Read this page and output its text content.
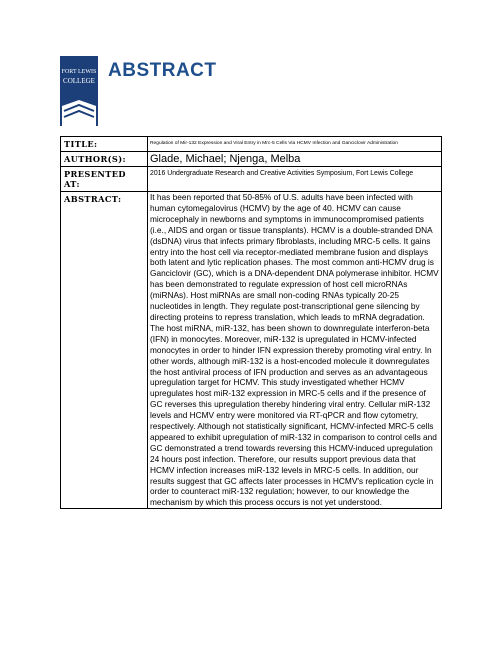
FORT LEWIS
COLLEGE ABSTRACT
TITLE:	Regulation of Mir-132 Expression and Viral Entry in Mrc-5 Cells Via HCMV Infection and Ganciclovir Administration
AUTHOR(S):	Glade, Michael; Njenga, Melba
PRESENTED AT:	2016 Undergraduate Research and Creative Activities Symposium, Fort Lewis College
ABSTRACT:	It has been reported that 50-85% of U.S. adults have been infected with human cytomegalovirus (HCMV) by the age of 40. HCMV can cause microcephaly in newborns and symptoms in immunocompromised patients (i.e., AIDS and organ or tissue transplants). HCMV is a double-stranded DNA (dsDNA) virus that infects primary fibroblasts, including MRC-5 cells. It gains entry into the host cell via receptor-mediated membrane fusion and displays both latent and lytic replication phases. The most common anti-HCMV drug is Ganciclovir (GC), which is a DNA-dependent DNA polymerase inhibitor. HCMV has been demonstrated to regulate expression of host cell microRNAs (miRNAs). Host miRNAs are small non-coding RNAs typically 20-25 nucleotides in length. They regulate post-transcriptional gene silencing by directing proteins to repress translation, which leads to mRNA degradation. The host miRNA, miR-132, has been shown to downregulate interferon-beta (IFN) in monocytes. Moreover, miR-132 is upregulated in HCMV-infected monocytes in order to hinder IFN expression thereby promoting viral entry. In other words, although miR-132 is a host-encoded molecule it downregulates the host antiviral process of IFN production and serves as an advantageous upregulation target for HCMV. This study investigated whether HCMV upregulates host miR-132 expression in MRC-5 cells and if the presence of GC reverses this upregulation thereby hindering viral entry. Cellular miR-132 levels and HCMV entry were monitored via RT-qPCR and flow cytometry, respectively. Although not statistically significant, HCMV-infected MRC-5 cells appeared to exhibit upregulation of miR-132 in comparison to control cells and GC demonstrated a trend towards reversing this HCMV-induced upregulation 24 hours post infection. Therefore, our results support previous data that HCMV infection increases miR-132 levels in MRC-5 cells. In addition, our results suggest that GC affects later processes in HCMV's replication cycle in order to counteract miR-132 regulation; however, to our knowledge the mechanism by which this process occurs is not yet understood.
